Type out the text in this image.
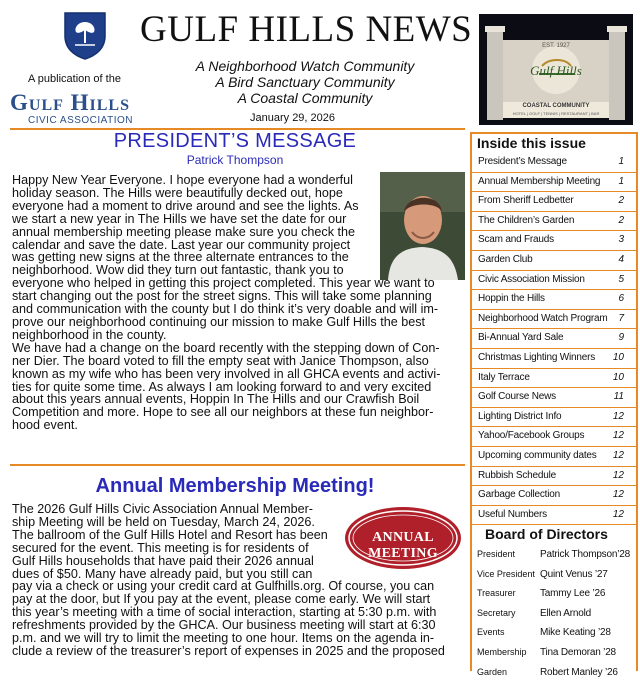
A publication of the
Gulf Hills
CIVIC ASSOCIATION
GULF HILLS NEWS
A Neighborhood Watch Community
A Bird Sanctuary Community
A Coastal Community
January 29, 2026
EST. 1927
Gulf Hills
COASTAL COMMUNITY
HOTEL | GOLF | TENNIS | RESTAURANT | BAR
PRESIDENT’S MESSAGE
Patrick Thompson
Happy New Year Everyone. I hope everyone had a wonderful
holiday season. The Hills were beautifully decked out, hope
everyone had a moment to drive around and see the lights. As
we start a new year in The Hills we have set the date for our
annual membership meeting please make sure you check the
calendar and save the date. Last year our community project
was getting new signs at the three alternate entrances to the
neighborhood. Wow did they turn out fantastic, thank you to
everyone who helped in getting this project completed. This year we want to
start changing out the post for the street signs. This will take some planning
and communication with the county but I do think it’s very doable and will im-
prove our neighborhood continuing our mission to make Gulf Hills the best
neighborhood in the county.
We have had a change on the board recently with the stepping down of Con-
ner Dier. The board voted to fill the empty seat with Janice Thompson, also
known as my wife who has been very involved in all GHCA events and activi-
ties for quite some time. As always I am looking forward to and very excited
about this years annual events, Hoppin In The Hills and our Crawfish Boil
Competition and more. Hope to see all our neighbors at these fun neighbor-
hood event.
Annual Membership Meeting!
ANNUAL MEETING
The 2026 Gulf Hills Civic Association Annual Member-
ship Meeting will be held on Tuesday, March 24, 2026.
The ballroom of the Gulf Hills Hotel and Resort has been
secured for the event. This meeting is for residents of
Gulf Hills households that have paid their 2026 annual
dues of $50. Many have already paid, but you still can
pay via a check or using your credit card at Gulfhills.org. Of course, you can
pay at the door, but If you pay at the event, please come early. We will start
this year’s meeting with a time of social interaction, starting at 5:30 p.m. with
refreshments provided by the GHCA. Our business meeting will start at 6:30
p.m. and we will try to limit the meeting to one hour. Items on the agenda in-
clude a review of the treasurer’s report of expenses in 2025 and the proposed
Inside this issue
President’s Message	1
Annual Membership Meeting 1
From Sheriff Ledbetter	2
The Children’s Garden	2
Scam and Frauds	3
Garden Club	4
Civic Association Mission	5
Hoppin the Hills	6
Neighborhood Watch Program 7
Bi-Annual Yard Sale	9
Christmas Lighting Winners 10
Italy Terrace	10
Golf Course News	11
Lighting District Info	12
Yahoo/Facebook Groups	12
Upcoming community dates 12
Rubbish Schedule	12
Garbage Collection	12
Useful Numbers	12
Board of Directors
President Patrick Thompson’28
Vice President Quint Venus ’27
Treasurer Tammy Lee ’26
Secretary Ellen Arnold
Events	Mike Keating ’28
Membership Tina Demoran ’28
Garden	Robert Manley ’26
